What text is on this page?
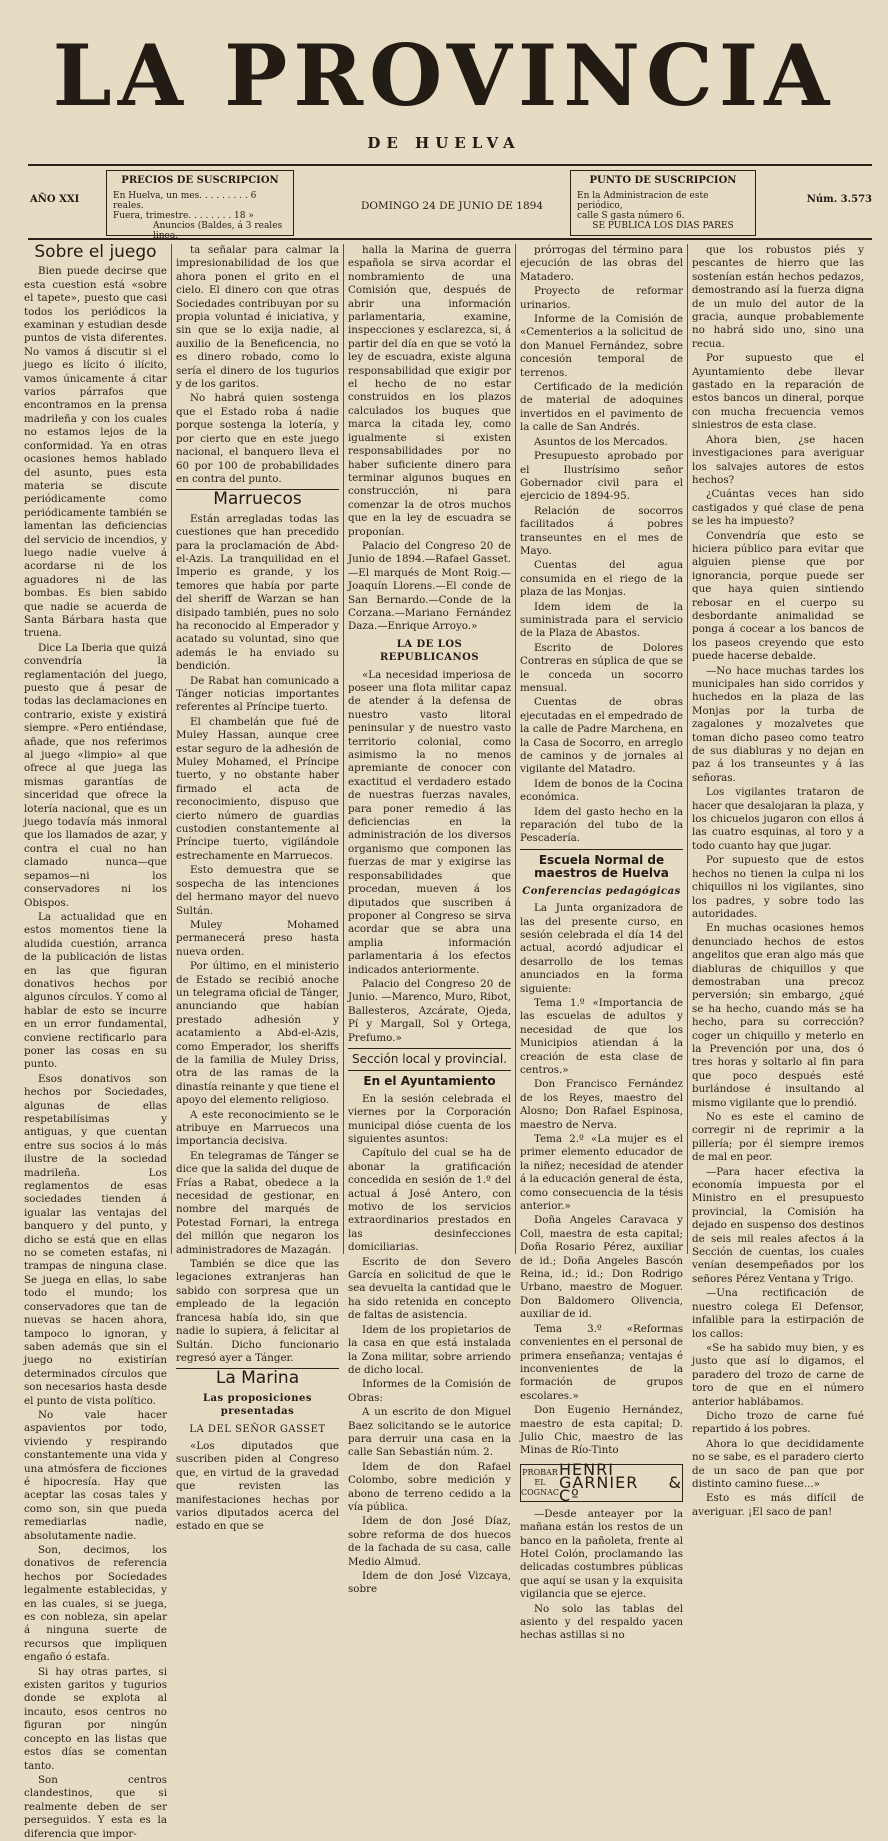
LA PROVINCIA
DE HUELVA
AÑO XXI
PRECIOS DE SUSCRIPCION
En Huelva, un mes. . . . . . . . . 6 reales.
Fuera, trimestre. . . . . . . . 18 »
Anuncios (Baldes, á 3 reales linea.
DOMINGO 24 DE JUNIO DE 1894
PUNTO DE SUSCRIPCION
En la Administracion de este periódico,
calle S gasta número 6.
SE PUBLICA LOS DIAS PARES
Núm. 3.573
Sobre el juego

Bien puede decirse que esta cuestion está «sobre el tapete», puesto que casi todos los periódicos la examinan y estudian desde puntos de vista diferentes. No vamos á discutir si el juego es lícito ó ilícito, vamos únicamente á citar varios párrafos que encontramos en la prensa madrileña y con los cuales no estamos lejos de la conformidad. Ya en otras ocasiones hemos hablado del asunto, pues esta materia se discute periódicamente como periódicamente también se lamentan las deficiencias del servicio de incendios, y luego nadie vuelve á acordarse ni de los aguadores ni de las bombas. Es bien sabido que nadie se acuerda de Santa Bárbara hasta que truena.

Dice La Iberia que quizá convendría la reglamentación del juego, puesto que á pesar de todas las declamaciones en contrario, existe y existirá siempre. «Pero entiéndase, añade, que nos referimos al juego «limpio» al que ofrece al que juega las mismas garantías de sinceridad que ofrece la lotería nacional, que es un juego todavía más inmoral que los llamados de azar, y contra el cual no han clamado nunca—que sepamos—ni los conservadores ni los Obispos.

La actualidad que en estos momentos tiene la aludida cuestión, arranca de la publicación de listas en las que figuran donativos hechos por algunos círculos. Y como al hablar de esto se incurre en un error fundamental, conviene rectificarlo para poner las cosas en su punto.

Esos donativos son hechos por Sociedades, algunas de ellas respetabilísimas y antiguas, y que cuentan entre sus socios á lo más ilustre de la sociedad madrileña. Los reglamentos de esas sociedades tienden á igualar las ventajas del banquero y del punto, y dicho se está que en ellas no se cometen estafas, ni trampas de ninguna clase. Se juega en ellas, lo sabe todo el mundo; los conservadores que tan de nuevas se hacen ahora, tampoco lo ignoran, y saben además que sin el juego no existirían determinados círculos que son necesarios hasta desde el punto de vista político.

No vale hacer aspavientos por todo, viviendo y respirando constantemente una vida y una atmósfera de ficciones é hipocresía. Hay que aceptar las cosas tales y como son, sin que pueda remediarlas nadie, absolutamente nadie.

Son, decimos, los donativos de referencia hechos por Sociedades legalmente establecidas, y en las cuales, si se juega, es con nobleza, sin apelar á ninguna suerte de recursos que impliquen engaño ó estafa.

Si hay otras partes, si existen garitos y tugurios donde se explota al incauto, esos centros no figuran por ningún concepto en las listas que estos días se comentan tanto.

Son centros clandestinos, que si realmente deben de ser perseguidos. Y esta es la diferencia que impor-

ta señalar para calmar la impresionabilidad de los que ahora ponen el grito en el cielo. El dinero con que otras Sociedades contribuyan por su propia voluntad é iniciativa, y sin que se lo exija nadie, al auxilio de la Beneficencia, no es dinero robado, como lo sería el dinero de los tugurios y de los garitos.

No habrá quien sostenga que el Estado roba á nadie porque sostenga la lotería, y por cierto que en este juego nacional, el banquero lleva el 60 por 100 de probabilidades en contra del punto.

Marruecos

Están arregladas todas las cuestiones que han precedido para la proclamación de Abd-el-Azis. La tranquilidad en el Imperio es grande, y los temores que había por parte del sheriff de Warzan se han disipado también, pues no solo ha reconocido al Emperador y acatado su voluntad, sino que además le ha enviado su bendición.

De Rabat han comunicado a Tánger noticias importantes referentes al Príncipe tuerto.

El chambelán que fué de Muley Hassan, aunque cree estar seguro de la adhesión de Muley Mohamed, el Príncipe tuerto, y no obstante haber firmado el acta de reconocimiento, dispuso que cierto número de guardias custodien constantemente al Príncipe tuerto, vigilándole estrechamente en Marruecos.

Esto demuestra que se sospecha de las intenciones del hermano mayor del nuevo Sultán.

Muley Mohamed permanecerá preso hasta nueva orden.

Por último, en el ministerio de Estado se recibió anoche un telegrama oficial de Tánger, anunciando que habían prestado adhesión y acatamiento a Abd-el-Azis, como Emperador, los sheriffs de la familia de Muley Driss, otra de las ramas de la dinastía reinante y que tiene el apoyo del elemento religioso.

A este reconocimiento se le atribuye en Marruecos una importancia decisiva.

En telegramas de Tánger se dice que la salida del duque de Frías a Rabat, obedece a la necesidad de gestionar, en nombre del marqués de Potestad Fornari, la entrega del millón que negaron los administradores de Mazagán.

También se dice que las legaciones extranjeras han sabido con sorpresa que un empleado de la legación francesa había ido, sin que nadie lo supiera, á felicitar al Sultán. Dicho funcionario regresó ayer a Tánger.

La Marina
Las proposiciones presentadas
LA DEL SEÑOR GASSET

«Los diputados que suscriben piden al Congreso que, en virtud de la gravedad que revisten las manifestaciones hechas por varios diputados acerca del estado en que se

halla la Marina de guerra española se sirva acordar el nombramiento de una Comisión que, después de abrir una información parlamentaria, examine, inspecciones y esclarezca, si, á partir del día en que se votó la ley de escuadra, existe alguna responsabilidad que exigir por el hecho de no estar construidos en los plazos calculados los buques que marca la citada ley, como igualmente si existen responsabilidades por no haber suficiente dinero para terminar algunos buques en construcción, ni para comenzar la de otros muchos que en la ley de escuadra se proponían.

Palacio del Congreso 20 de Junio de 1894.—Rafael Gasset.—El marqués de Mont Roig.—Joaquín Llorens.—El conde de San Bernardo.—Conde de la Corzana.—Mariano Fernández Daza.—Enrique Arroyo.»

LA DE LOS REPUBLICANOS

«La necesidad imperiosa de poseer una flota militar capaz de atender á la defensa de nuestro vasto litoral peninsular y de nuestro vasto territorio colonial, como asimismo la no menos apremiante de conocer con exactitud el verdadero estado de nuestras fuerzas navales, para poner remedio á las deficiencias en la administración de los diversos organismo que componen las fuerzas de mar y exigirse las responsabilidades que procedan, mueven á los diputados que suscriben á proponer al Congreso se sirva acordar que se abra una amplia información parlamentaria á los efectos indicados anteriormente.

Palacio del Congreso 20 de Junio. —Marenco, Muro, Ribot, Ballesteros, Azcárate, Ojeda, Pí y Margall, Sol y Ortega, Prefumo.»

Sección local y provincial.
En el Ayuntamiento

En la sesión celebrada el viernes por la Corporación municipal dióse cuenta de los siguientes asuntos:

Capítulo del cual se ha de abonar la gratificación concedida en sesión de 1.º del actual á José Antero, con motivo de los servicios extraordinarios prestados en las desinfecciones domiciliarias.

Escrito de don Severo García en solicitud de que le sea devuelta la cantidad que le ha sido retenida en concepto de faltas de asistencia.

Idem de los propietarios de la casa en que está instalada la Zona militar, sobre arriendo de dicho local.

Informes de la Comisión de Obras:

A un escrito de don Miguel Baez solicitando se le autorice para derruir una casa en la calle San Sebastián núm. 2.

Idem de don Rafael Colombo, sobre medición y abono de terreno cedido a la vía pública.

Idem de don José Díaz, sobre reforma de dos huecos de la fachada de su casa, calle Medio Almud.

Idem de don José Vizcaya, sobre

prórrogas del término para ejecución de las obras del Matadero.

Proyecto de reformar urinarios.

Informe de la Comisión de «Cementerios a la solicitud de don Manuel Fernández, sobre concesión temporal de terrenos.

Certificado de la medición de material de adoquines invertidos en el pavimento de la calle de San Andrés.

Asuntos de los Mercados.

Presupuesto aprobado por el Ilustrísimo señor Gobernador civil para el ejercicio de 1894-95.

Relación de socorros facilitados á pobres transeuntes en el mes de Mayo.

Cuentas del agua consumida en el riego de la plaza de las Monjas.

Idem idem de la suministrada para el servicio de la Plaza de Abastos.

Escrito de Dolores Contreras en súplica de que se le conceda un socorro mensual.

Cuentas de obras ejecutadas en el empedrado de la calle de Padre Marchena, en la Casa de Socorro, en arreglo de caminos y de jornales al vigilante del Matadro.

Idem de bonos de la Cocina económica.

Idem del gasto hecho en la reparación del tubo de la Pescadería.

Escuela Normal de maestros de Huelva
Conferencias pedagógicas

La Junta organizadora de las del presente curso, en sesión celebrada el día 14 del actual, acordó adjudicar el desarrollo de los temas anunciados en la forma siguiente:

Tema 1.º «Importancia de las escuelas de adultos y necesidad de que los Municipios atiendan á la creación de esta clase de centros.»

Don Francisco Fernández de los Reyes, maestro del Alosno; Don Rafael Espinosa, maestro de Nerva.

Tema 2.º «La mujer es el primer elemento educador de la niñez; necesidad de atender á la educación general de ésta, como consecuencia de la tésis anterior.»

Doña Angeles Caravaca y Coll, maestra de esta capital; Doña Rosario Pérez, auxiliar de id.; Doña Angeles Bascón Reina, id.; id.; Don Rodrigo Urbano, maestro de Moguer. Don Baldomero Olivencia, auxiliar de id.

Tema 3.º «Reformas convenientes en el personal de primera enseñanza; ventajas é inconvenientes de la formación de grupos escolares.»

Don Eugenio Hernández, maestro de esta capital; D. Julio Chic, maestro de las Minas de Río-Tinto

PROBAR EL COGNAC
HENRI GARNIER & Cº

—Desde anteayer por la mañana están los restos de un banco en la pañoleta, frente al Hotel Colón, proclamando las delicadas costumbres públicas que aquí se usan y la exquisita vigilancia que se ejerce.

No solo las tablas del asiento y del respaldo yacen hechas astillas si no

que los robustos piés y pescantes de hierro que las sostenían están hechos pedazos, demostrando así la fuerza digna de un mulo del autor de la gracia, aunque probablemente no habrá sido uno, sino una recua.

Por supuesto que el Ayuntamiento debe llevar gastado en la reparación de estos bancos un dineral, porque con mucha frecuencia vemos siniestros de esta clase.

Ahora bien, ¿se hacen investigaciones para averiguar los salvajes autores de estos hechos?

¿Cuántas veces han sido castigados y qué clase de pena se les ha impuesto?

Convendría que esto se hiciera público para evitar que alguien piense que por ignorancia, porque puede ser que haya quien sintiendo rebosar en el cuerpo su desbordante animalidad se ponga á cocear a los bancos de los paseos creyendo que esto puede hacerse debalde.

—No hace muchas tardes los municipales han sido corridos y huchedos en la plaza de las Monjas por la turba de zagalones y mozalvetes que toman dicho paseo como teatro de sus diabluras y no dejan en paz á los transeuntes y á las señoras.

Los vigilantes trataron de hacer que desalojaran la plaza, y los chicuelos jugaron con ellos á las cuatro esquinas, al toro y a todo cuanto hay que jugar.

Por supuesto que de estos hechos no tienen la culpa ni los chiquillos ni los vigilantes, sino los padres, y sobre todo las autoridades.

En muchas ocasiones hemos denunciado hechos de estos angelitos que eran algo más que diabluras de chiquillos y que demostraban una precoz perversión; sin embargo, ¿qué se ha hecho, cuando más se ha hecho, para su corrección? coger un chiquillo y meterlo en la Prevención por una, dos ó tres horas y soltarlo al fin para que poco después esté burlándose é insultando al mismo vigilante que lo prendió.

No es este el camino de corregir ni de reprimir a la pillería; por él siempre iremos de mal en peor.

—Para hacer efectiva la economía impuesta por el Ministro en el presupuesto provincial, la Comisión ha dejado en suspenso dos destinos de seis mil reales afectos á la Sección de cuentas, los cuales venían desempeñados por los señores Pérez Ventana y Trigo.

—Una rectificación de nuestro colega El Defensor, infalible para la estirpación de los callos:

«Se ha sabido muy bien, y es justo que así lo digamos, el paradero del trozo de carne de toro de que en el número anterior hablábamos.

Dicho trozo de carne fué repartido á los pobres.

Ahora lo que decididamente no se sabe, es el paradero cierto de un saco de pan que por distinto camino fuese...»

Esto es más difícil de averiguar. ¡El saco de pan!
